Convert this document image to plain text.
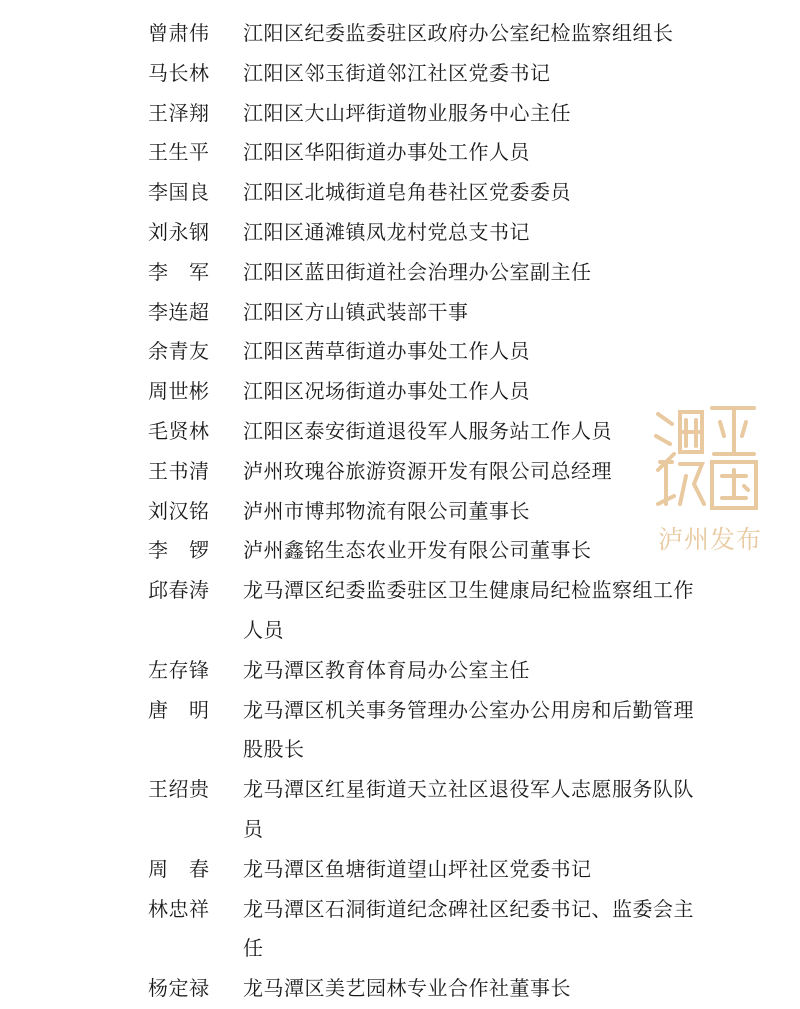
曾肃伟	江阳区纪委监委驻区政府办公室纪检监察组组长
马长林	江阳区邻玉街道邻江社区党委书记
王泽翔	江阳区大山坪街道物业服务中心主任
王生平	江阳区华阳街道办事处工作人员
李国良	江阳区北城街道皂角巷社区党委委员
刘永钢	江阳区通滩镇凤龙村党总支书记
李　军	江阳区蓝田街道社会治理办公室副主任
李连超	江阳区方山镇武装部干事
余青友	江阳区茜草街道办事处工作人员
周世彬	江阳区况场街道办事处工作人员
毛贤林	江阳区泰安街道退役军人服务站工作人员
王书清	泸州玫瑰谷旅游资源开发有限公司总经理
刘汉铭	泸州市博邦物流有限公司董事长
李　锣	泸州鑫铭生态农业开发有限公司董事长
邱春涛	龙马潭区纪委监委驻区卫生健康局纪检监察组工作人员
左存锋	龙马潭区教育体育局办公室主任
唐　明	龙马潭区机关事务管理办公室办公用房和后勤管理股股长
王绍贵	龙马潭区红星街道天立社区退役军人志愿服务队队员
周　春	龙马潭区鱼塘街道望山坪社区党委书记
林忠祥	龙马潭区石洞街道纪念碑社区纪委书记、监委会主任
杨定禄	龙马潭区美艺园林专业合作社董事长
泸州发布
